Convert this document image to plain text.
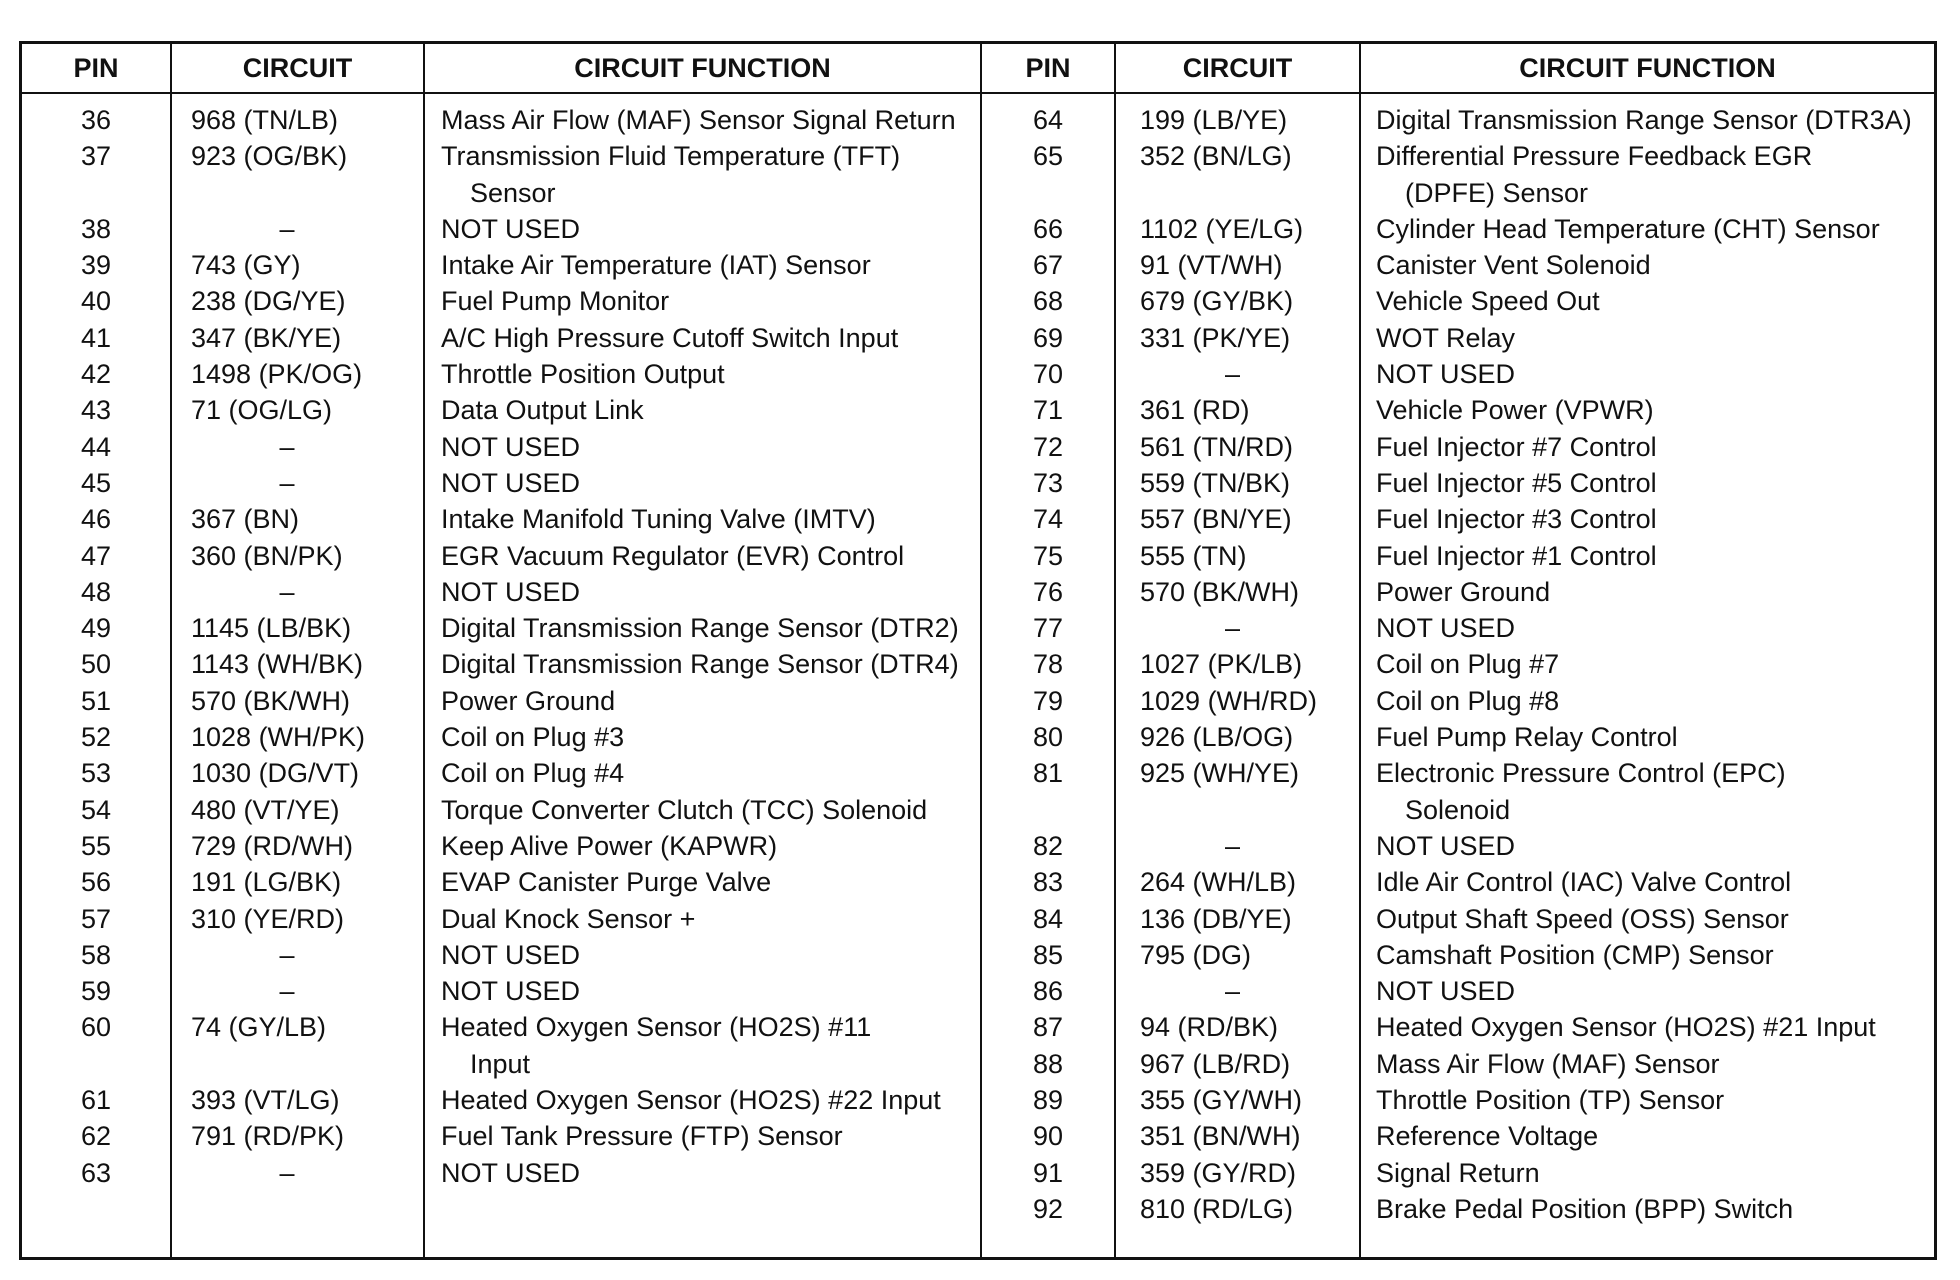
PIN	CIRCUIT	CIRCUIT FUNCTION	PIN	CIRCUIT	CIRCUIT FUNCTION
36	968 (TN/LB)	Mass Air Flow (MAF) Sensor Signal Return
37	923 (OG/BK)	Transmission Fluid Temperature (TFT)
Sensor
38	–	NOT USED
39	743 (GY)	Intake Air Temperature (IAT) Sensor
40	238 (DG/YE)	Fuel Pump Monitor
41	347 (BK/YE)	A/C High Pressure Cutoff Switch Input
42	1498 (PK/OG)	Throttle Position Output
43	71 (OG/LG)	Data Output Link
44	–	NOT USED
45	–	NOT USED
46	367 (BN)	Intake Manifold Tuning Valve (IMTV)
47	360 (BN/PK)	EGR Vacuum Regulator (EVR) Control
48	–	NOT USED
49	1145 (LB/BK)	Digital Transmission Range Sensor (DTR2)
50	1143 (WH/BK)	Digital Transmission Range Sensor (DTR4)
51	570 (BK/WH)	Power Ground
52	1028 (WH/PK)	Coil on Plug #3
53	1030 (DG/VT)	Coil on Plug #4
54	480 (VT/YE)	Torque Converter Clutch (TCC) Solenoid
55	729 (RD/WH)	Keep Alive Power (KAPWR)
56	191 (LG/BK)	EVAP Canister Purge Valve
57	310 (YE/RD)	Dual Knock Sensor +
58	–	NOT USED
59	–	NOT USED
60	74 (GY/LB)	Heated Oxygen Sensor (HO2S) #11
Input
61	393 (VT/LG)	Heated Oxygen Sensor (HO2S) #22 Input
62	791 (RD/PK)	Fuel Tank Pressure (FTP) Sensor
63	–	NOT USED
64	199 (LB/YE)	Digital Transmission Range Sensor (DTR3A)
65	352 (BN/LG)	Differential Pressure Feedback EGR
(DPFE) Sensor
66	1102 (YE/LG)	Cylinder Head Temperature (CHT) Sensor
67	91 (VT/WH)	Canister Vent Solenoid
68	679 (GY/BK)	Vehicle Speed Out
69	331 (PK/YE)	WOT Relay
70	–	NOT USED
71	361 (RD)	Vehicle Power (VPWR)
72	561 (TN/RD)	Fuel Injector #7 Control
73	559 (TN/BK)	Fuel Injector #5 Control
74	557 (BN/YE)	Fuel Injector #3 Control
75	555 (TN)	Fuel Injector #1 Control
76	570 (BK/WH)	Power Ground
77	–	NOT USED
78	1027 (PK/LB)	Coil on Plug #7
79	1029 (WH/RD) Coil on Plug #8
80	926 (LB/OG)	Fuel Pump Relay Control
81	925 (WH/YE)	Electronic Pressure Control (EPC)
Solenoid
82	–	NOT USED
83	264 (WH/LB)	Idle Air Control (IAC) Valve Control
84	136 (DB/YE)	Output Shaft Speed (OSS) Sensor
85	795 (DG)	Camshaft Position (CMP) Sensor
86	–	NOT USED
87	94 (RD/BK)	Heated Oxygen Sensor (HO2S) #21 Input
88	967 (LB/RD)	Mass Air Flow (MAF) Sensor
89	355 (GY/WH)	Throttle Position (TP) Sensor
90	351 (BN/WH)	Reference Voltage
91	359 (GY/RD)	Signal Return
92	810 (RD/LG)	Brake Pedal Position (BPP) Switch
